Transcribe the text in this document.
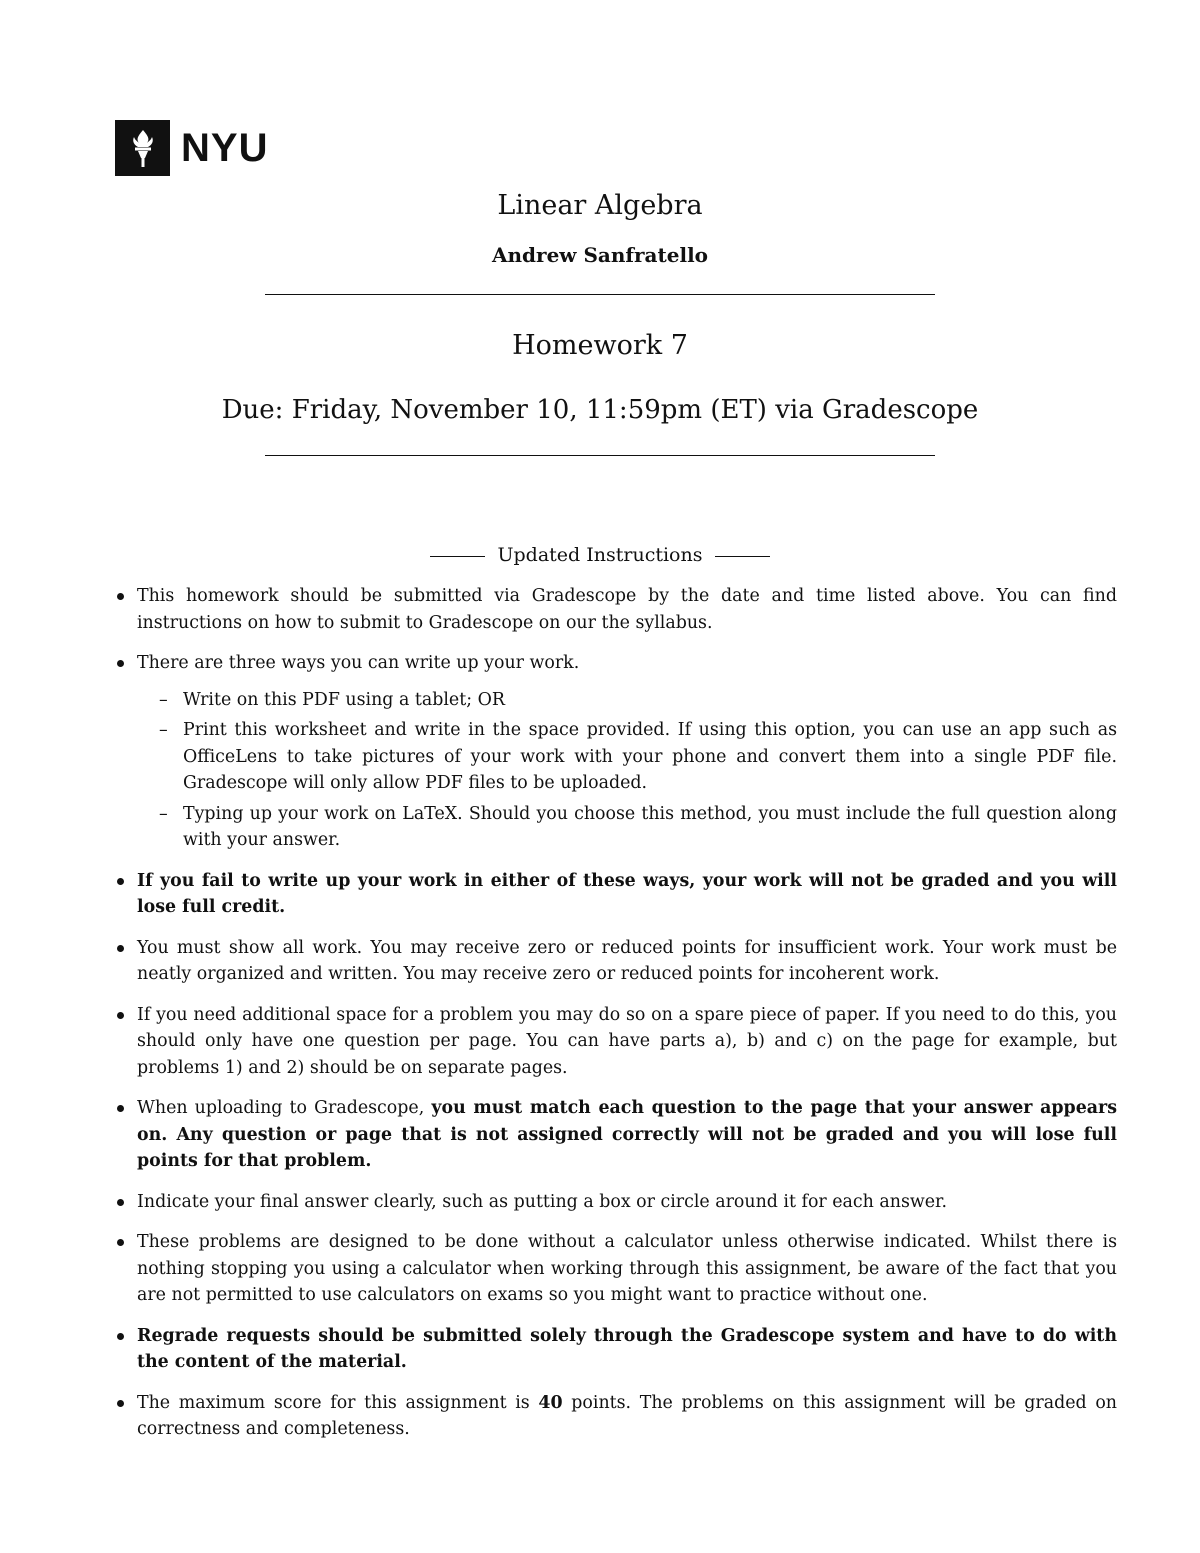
NYU
Linear Algebra
Andrew Sanfratello
Homework 7
Due: Friday, November 10, 11:59pm (ET) via Gradescope
Updated Instructions
This homework should be submitted via Gradescope by the date and time listed above. You can find instructions on how to submit to Gradescope on our the syllabus.
There are three ways you can write up your work.
– Write on this PDF using a tablet; OR
– Print this worksheet and write in the space provided. If using this option, you can use an app such as OfficeLens to take pictures of your work with your phone and convert them into a single PDF file. Gradescope will only allow PDF files to be uploaded.
– Typing up your work on LaTeX. Should you choose this method, you must include the full question along with your answer.
If you fail to write up your work in either of these ways, your work will not be graded and you will lose full credit.
You must show all work. You may receive zero or reduced points for insufficient work. Your work must be neatly organized and written. You may receive zero or reduced points for incoherent work.
If you need additional space for a problem you may do so on a spare piece of paper. If you need to do this, you should only have one question per page. You can have parts a), b) and c) on the page for example, but problems 1) and 2) should be on separate pages.
When uploading to Gradescope, you must match each question to the page that your answer appears on. Any question or page that is not assigned correctly will not be graded and you will lose full points for that problem.
Indicate your final answer clearly, such as putting a box or circle around it for each answer.
These problems are designed to be done without a calculator unless otherwise indicated. Whilst there is nothing stopping you using a calculator when working through this assignment, be aware of the fact that you are not permitted to use calculators on exams so you might want to practice without one.
Regrade requests should be submitted solely through the Gradescope system and have to do with the content of the material.
The maximum score for this assignment is 40 points. The problems on this assignment will be graded on correctness and completeness.
